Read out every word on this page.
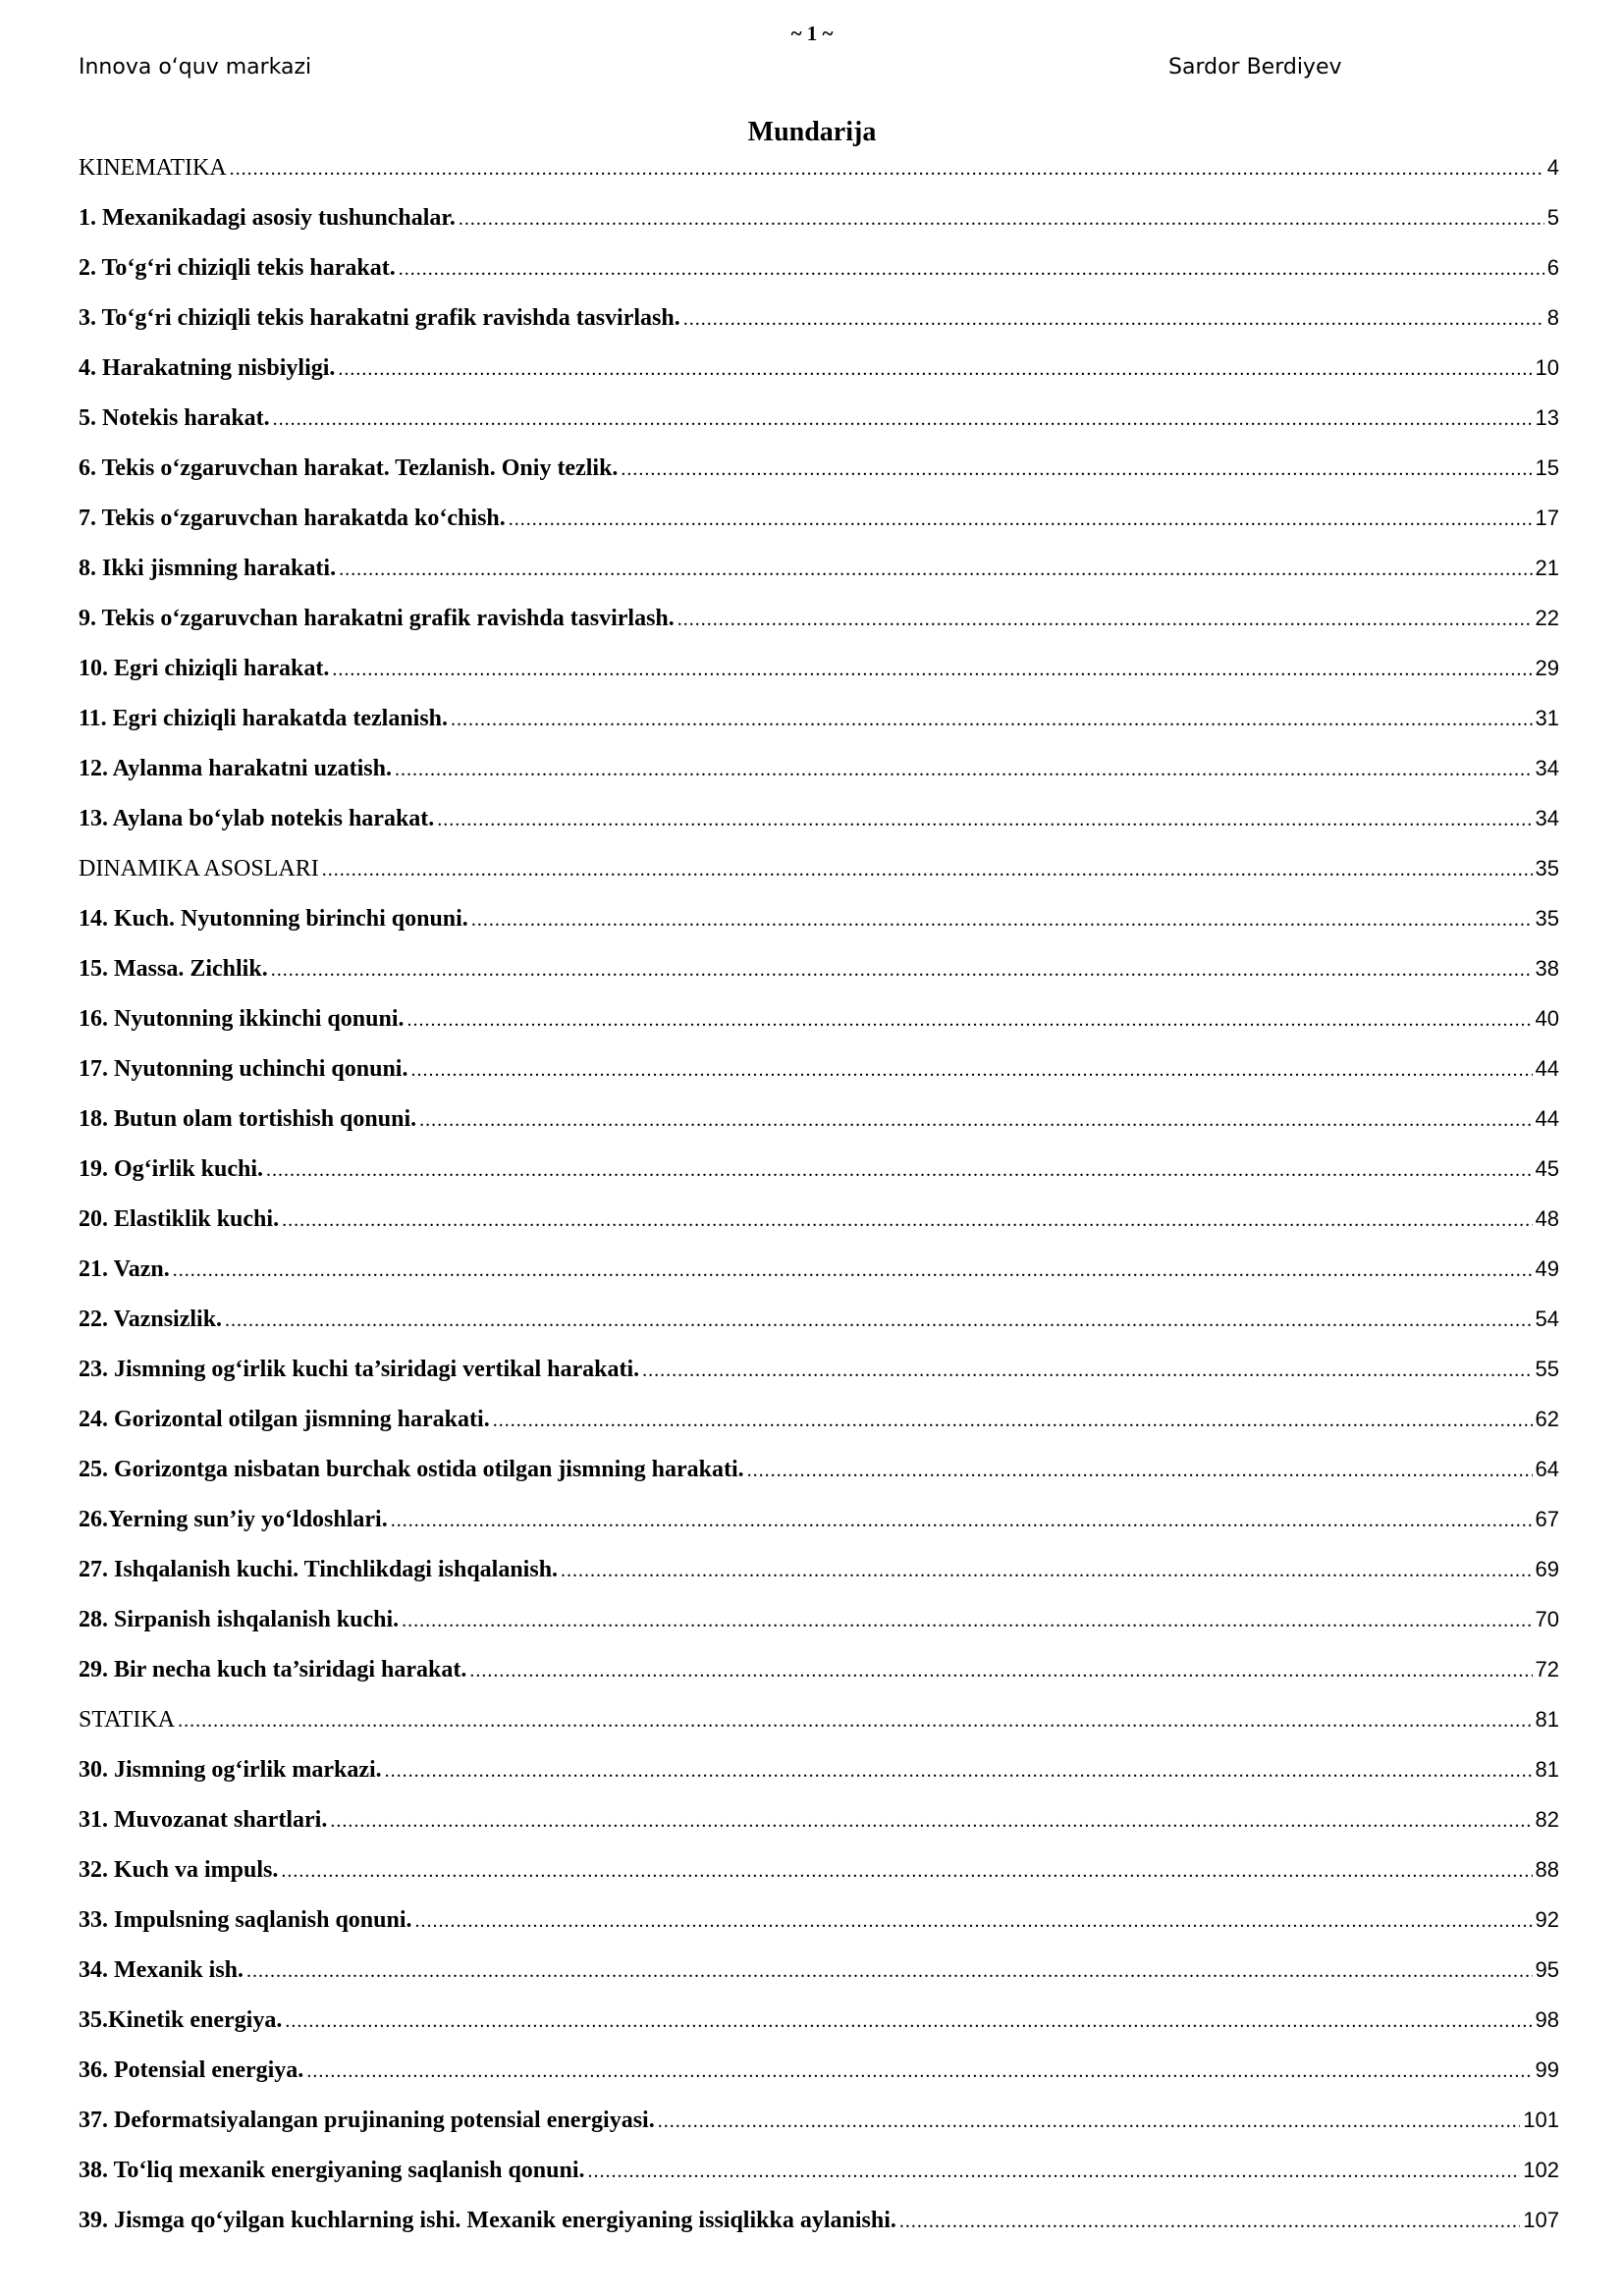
~ 1 ~
Innova o‘quv markazi	Sardor Berdiyev
Mundarija
KINEMATIKA .....	4
1. Mexanikadagi asosiy tushunchalar. .....	5
2. To‘g‘ri chiziqli tekis harakat. .....	6
3. To‘g‘ri chiziqli tekis harakatni grafik ravishda tasvirlash. .....	8
4. Harakatning nisbiyligi. .....	10
5. Notekis harakat. .....	13
6. Tekis o‘zgaruvchan harakat. Tezlanish. Oniy tezlik. .....	15
7. Tekis o‘zgaruvchan harakatda ko‘chish. .....	17
8. Ikki jismning harakati. .....	21
9. Tekis o‘zgaruvchan harakatni grafik ravishda tasvirlash. .....	22
10. Egri chiziqli harakat. .....	29
11. Egri chiziqli harakatda tezlanish. .....	31
12. Aylanma harakatni uzatish. .....	34
13. Aylana bo‘ylab notekis harakat. .....	34
DINAMIKA ASOSLARI .....	35
14. Kuch. Nyutonning birinchi qonuni. .....	35
15. Massa. Zichlik. .....	38
16. Nyutonning ikkinchi qonuni. .....	40
17. Nyutonning uchinchi qonuni. .....	44
18. Butun olam tortishish qonuni. .....	44
19. Og‘irlik kuchi. .....	45
20. Elastiklik kuchi. .....	48
21. Vazn. .....	49
22. Vaznsizlik. .....	54
23. Jismning og‘irlik kuchi ta’siridagi vertikal harakati. .....	55
24. Gorizontal otilgan jismning harakati. .....	62
25. Gorizontga nisbatan burchak ostida otilgan jismning harakati. .....	64
26.Yerning sun’iy yo‘ldoshlari. .....	67
27. Ishqalanish kuchi. Tinchlikdagi ishqalanish. .....	69
28. Sirpanish ishqalanish kuchi. .....	70
29. Bir necha kuch ta’siridagi harakat. .....	72
STATIKA .....	81
30. Jismning og‘irlik markazi. .....	81
31. Muvozanat shartlari. .....	82
32. Kuch va impuls. .....	88
33. Impulsning saqlanish qonuni. .....	92
34. Mexanik ish. .....	95
35.Kinetik energiya. .....	98
36. Potensial energiya. .....	99
37. Deformatsiyalangan prujinaning potensial energiyasi. .....	101
38. To‘liq mexanik energiyaning saqlanish qonuni. .....	102
39. Jismga qo‘yilgan kuchlarning ishi. Mexanik energiyaning issiqlikka aylanishi. .....	107
